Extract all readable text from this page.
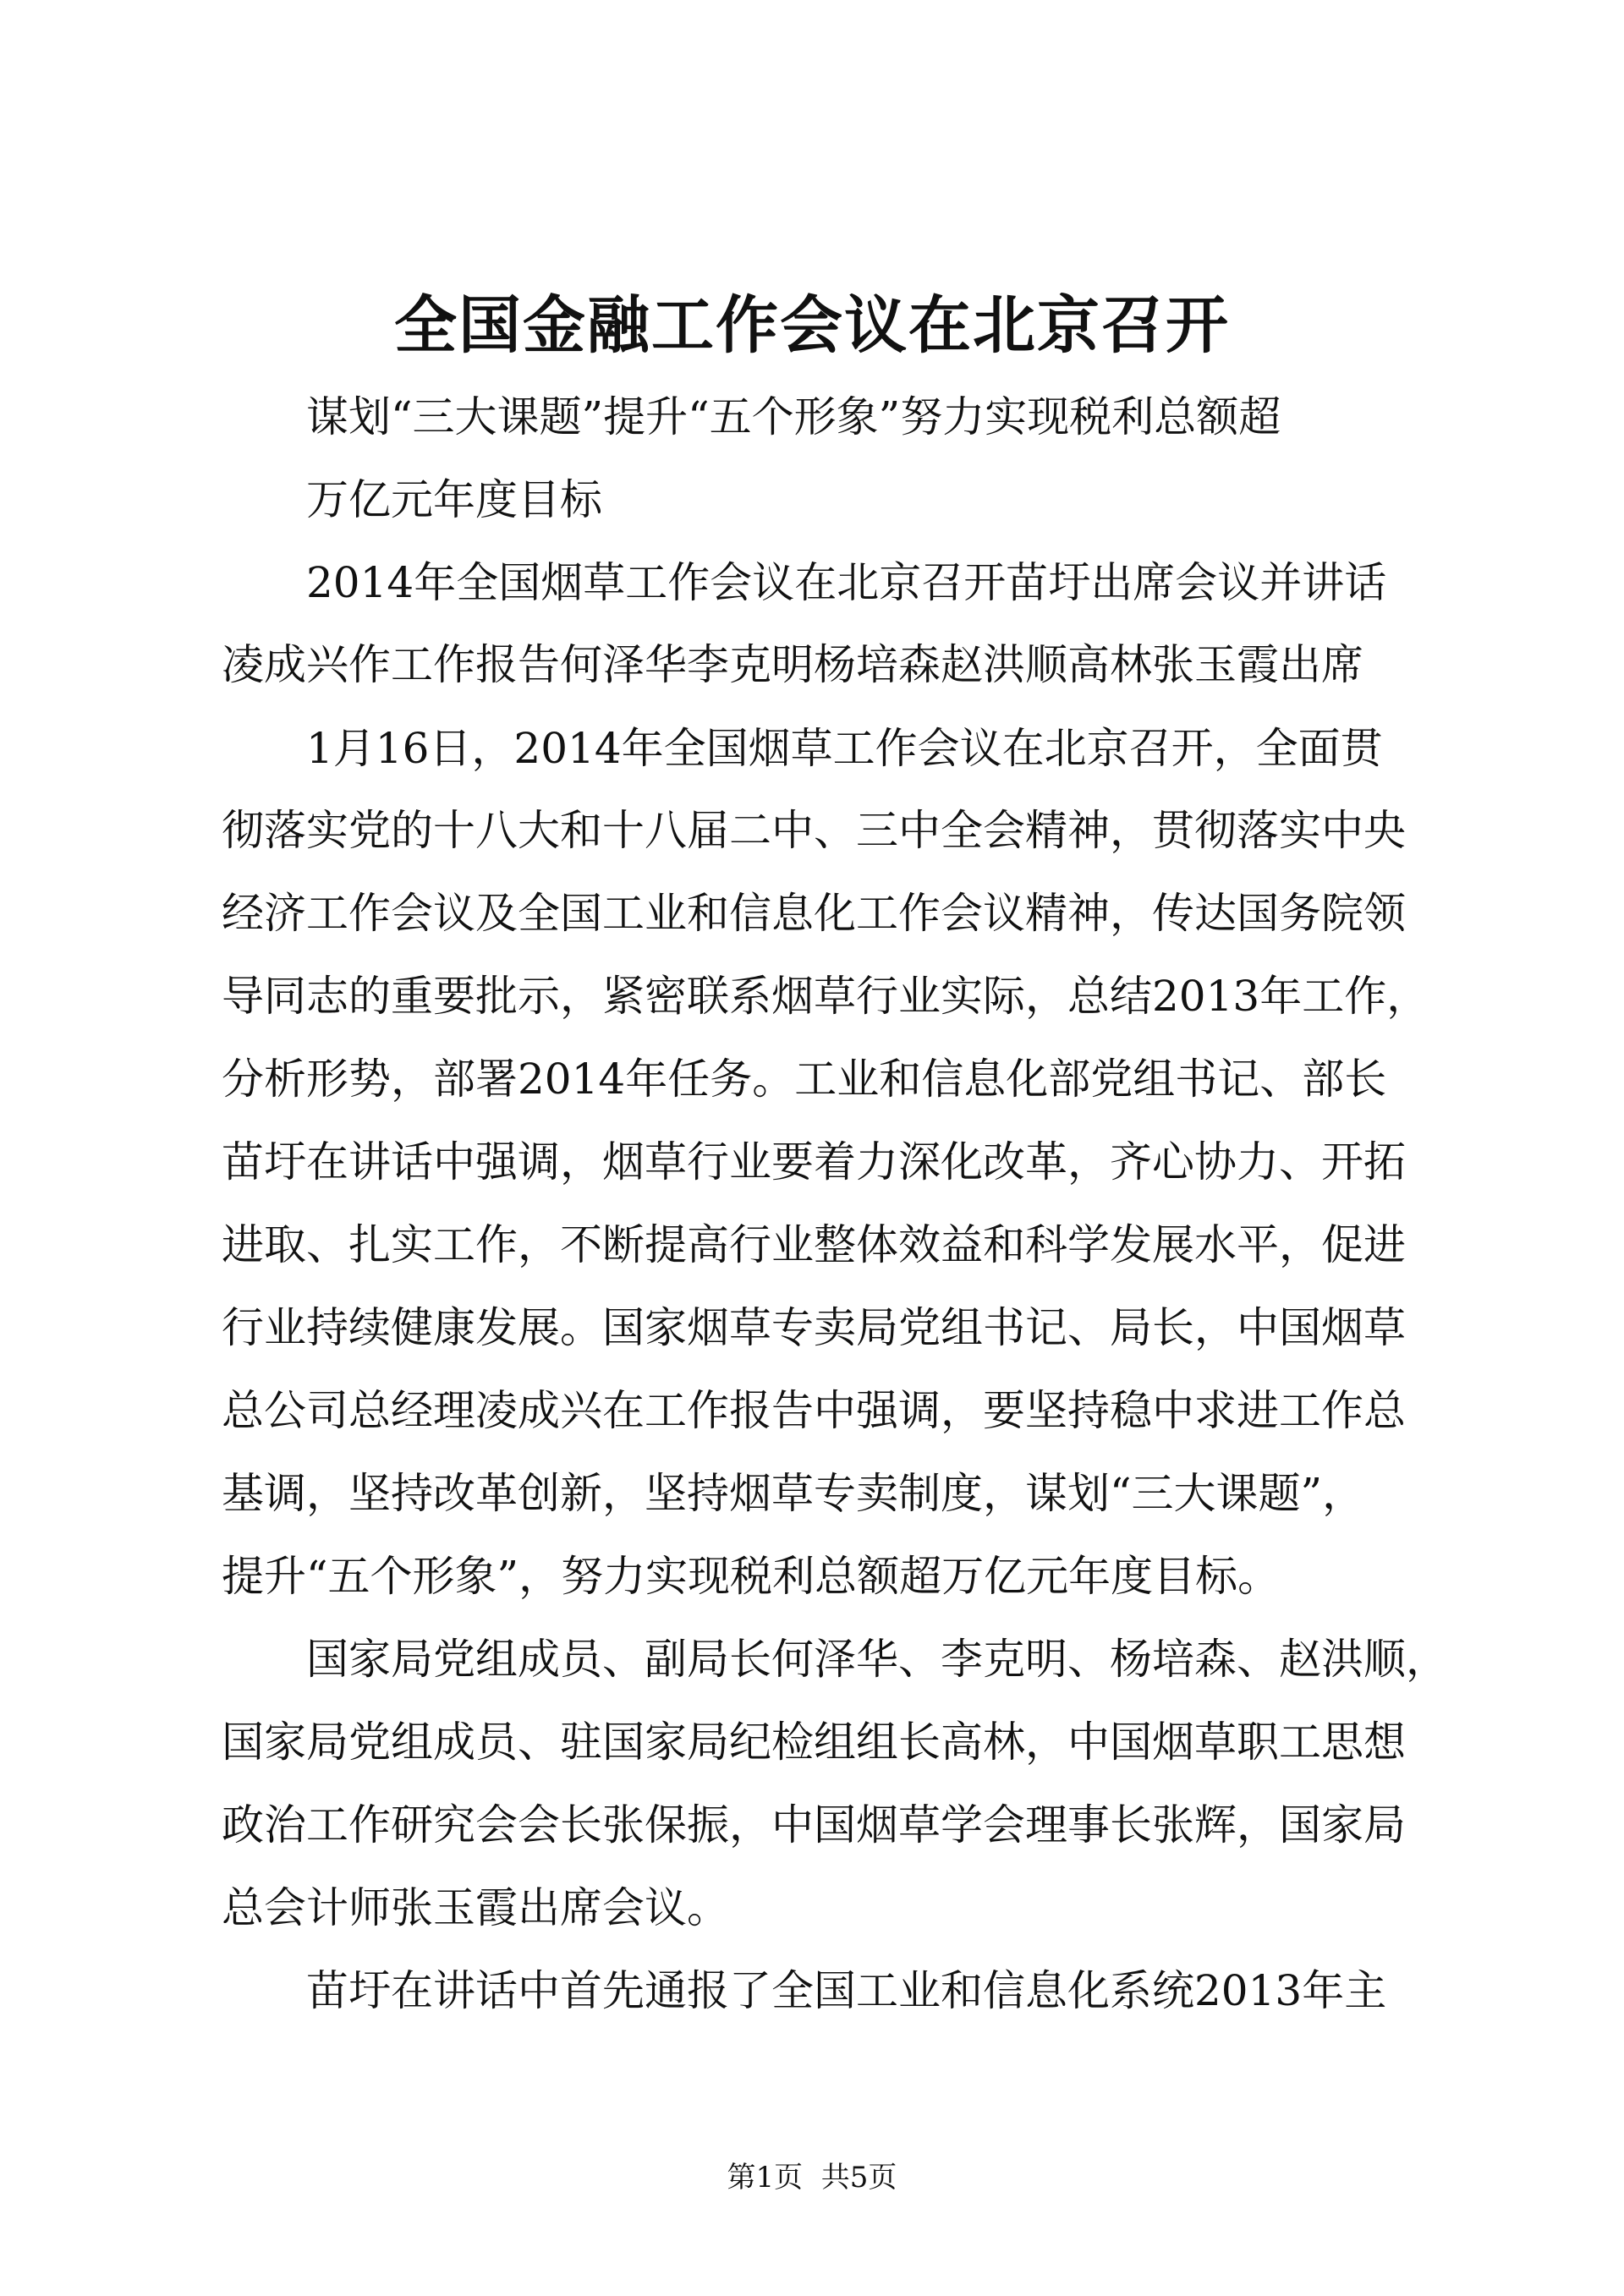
全国金融工作会议在北京召开

谋划“三大课题”提升“五个形象”努力实现税利总额超

万亿元年度目标

2014年全国烟草工作会议在北京召开苗圩出席会议并讲话

凌成兴作工作报告何泽华李克明杨培森赵洪顺高林张玉霞出席

1月16日，2014年全国烟草工作会议在北京召开，全面贯

彻落实党的十八大和十八届二中、三中全会精神，贯彻落实中央

经济工作会议及全国工业和信息化工作会议精神，传达国务院领

导同志的重要批示，紧密联系烟草行业实际，总结2013年工作，

分析形势，部署2014年任务。工业和信息化部党组书记、部长

苗圩在讲话中强调，烟草行业要着力深化改革，齐心协力、开拓

进取、扎实工作，不断提高行业整体效益和科学发展水平，促进

行业持续健康发展。国家烟草专卖局党组书记、局长，中国烟草

总公司总经理凌成兴在工作报告中强调，要坚持稳中求进工作总

基调，坚持改革创新，坚持烟草专卖制度，谋划“三大课题”，

提升“五个形象”，努力实现税利总额超万亿元年度目标。

国家局党组成员、副局长何泽华、李克明、杨培森、赵洪顺，

国家局党组成员、驻国家局纪检组组长高林，中国烟草职工思想

政治工作研究会会长张保振，中国烟草学会理事长张辉，国家局

总会计师张玉霞出席会议。

苗圩在讲话中首先通报了全国工业和信息化系统2013年主

第1页  共5页
